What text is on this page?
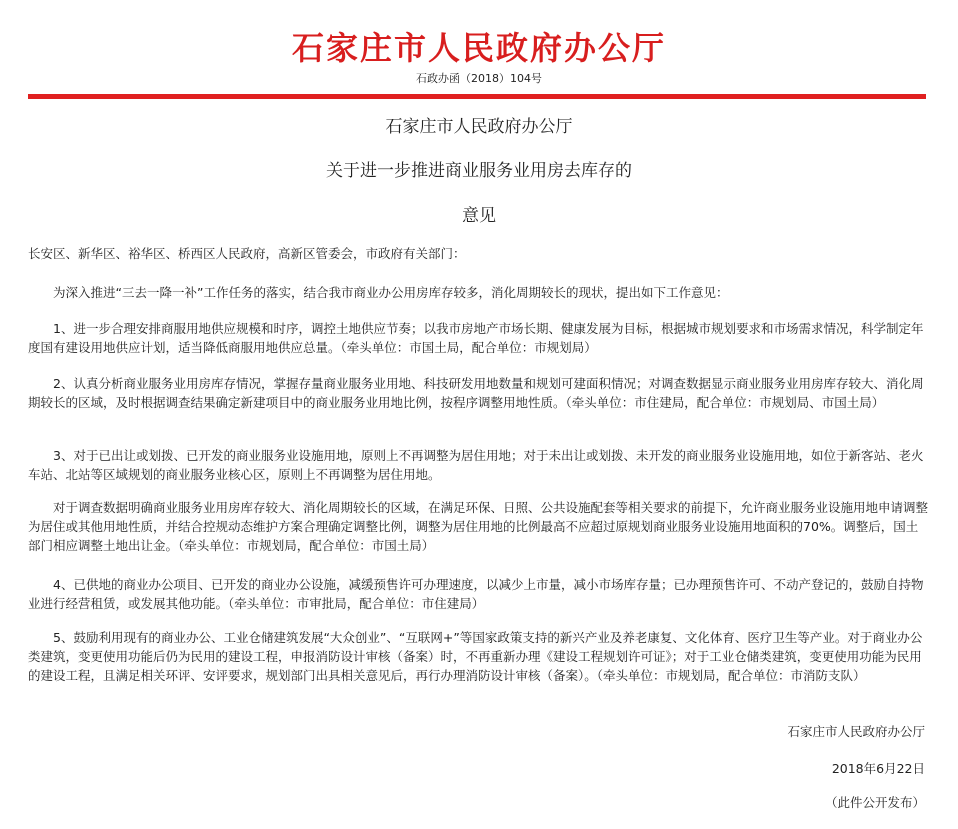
石家庄市人民政府办公厅
石政办函（2018）104号
石家庄市人民政府办公厅
关于进一步推进商业服务业用房去库存的
意见

长安区、新华区、裕华区、桥西区人民政府，高新区管委会，市政府有关部门：

为深入推进“三去一降一补”工作任务的落实，结合我市商业办公用房库存较多，消化周期较长的现状，提出如下工作意见：

1、进一步合理安排商服用地供应规模和时序，调控土地供应节奏；以我市房地产市场长期、健康发展为目标，根据城市规划要求和市场需求情况，科学制定年度国有建设用地供应计划，适当降低商服用地供应总量。（牵头单位：市国土局，配合单位：市规划局）

2、认真分析商业服务业用房库存情况，掌握存量商业服务业用地、科技研发用地数量和规划可建面积情况；对调查数据显示商业服务业用房库存较大、消化周期较长的区域，及时根据调查结果确定新建项目中的商业服务业用地比例，按程序调整用地性质。（牵头单位：市住建局，配合单位：市规划局、市国土局）

3、对于已出让或划拨、已开发的商业服务业设施用地，原则上不再调整为居住用地；对于未出让或划拨、未开发的商业服务业设施用地，如位于新客站、老火车站、北站等区域规划的商业服务业核心区，原则上不再调整为居住用地。

对于调查数据明确商业服务业用房库存较大、消化周期较长的区域，在满足环保、日照、公共设施配套等相关要求的前提下，允许商业服务业设施用地申请调整为居住或其他用地性质，并结合控规动态维护方案合理确定调整比例，调整为居住用地的比例最高不应超过原规划商业服务业设施用地面积的70%。调整后，国土部门相应调整土地出让金。（牵头单位：市规划局，配合单位：市国土局）

4、已供地的商业办公项目、已开发的商业办公设施，减缓预售许可办理速度，以减少上市量，减小市场库存量；已办理预售许可、不动产登记的，鼓励自持物业进行经营租赁，或发展其他功能。（牵头单位：市审批局，配合单位：市住建局）

5、鼓励利用现有的商业办公、工业仓储建筑发展“大众创业”、“互联网+”等国家政策支持的新兴产业及养老康复、文化体育、医疗卫生等产业。对于商业办公类建筑，变更使用功能后仍为民用的建设工程，申报消防设计审核（备案）时，不再重新办理《建设工程规划许可证》；对于工业仓储类建筑，变更使用功能为民用的建设工程，且满足相关环评、安评要求，规划部门出具相关意见后，再行办理消防设计审核（备案）。（牵头单位：市规划局，配合单位：市消防支队）

石家庄市人民政府办公厅
2018年6月22日
（此件公开发布）
